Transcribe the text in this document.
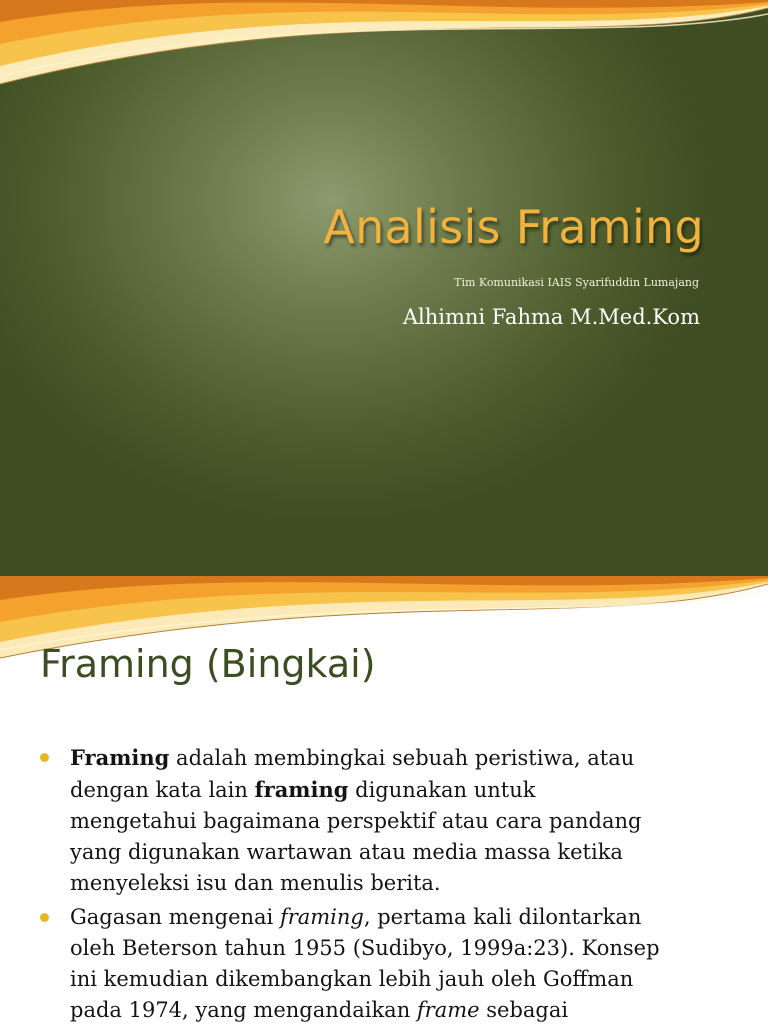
Analisis Framing
Tim Komunikasi IAIS Syarifuddin Lumajang
Alhimni Fahma M.Med.Kom
Framing (Bingkai)
Framing adalah membingkai sebuah peristiwa, atau
dengan kata lain framing digunakan untuk
mengetahui bagaimana perspektif atau cara pandang
yang digunakan wartawan atau media massa ketika
menyeleksi isu dan menulis berita.
Gagasan mengenai framing, pertama kali dilontarkan
oleh Beterson tahun 1955 (Sudibyo, 1999a:23). Konsep
ini kemudian dikembangkan lebih jauh oleh Goffman
pada 1974, yang mengandaikan frame sebagai
